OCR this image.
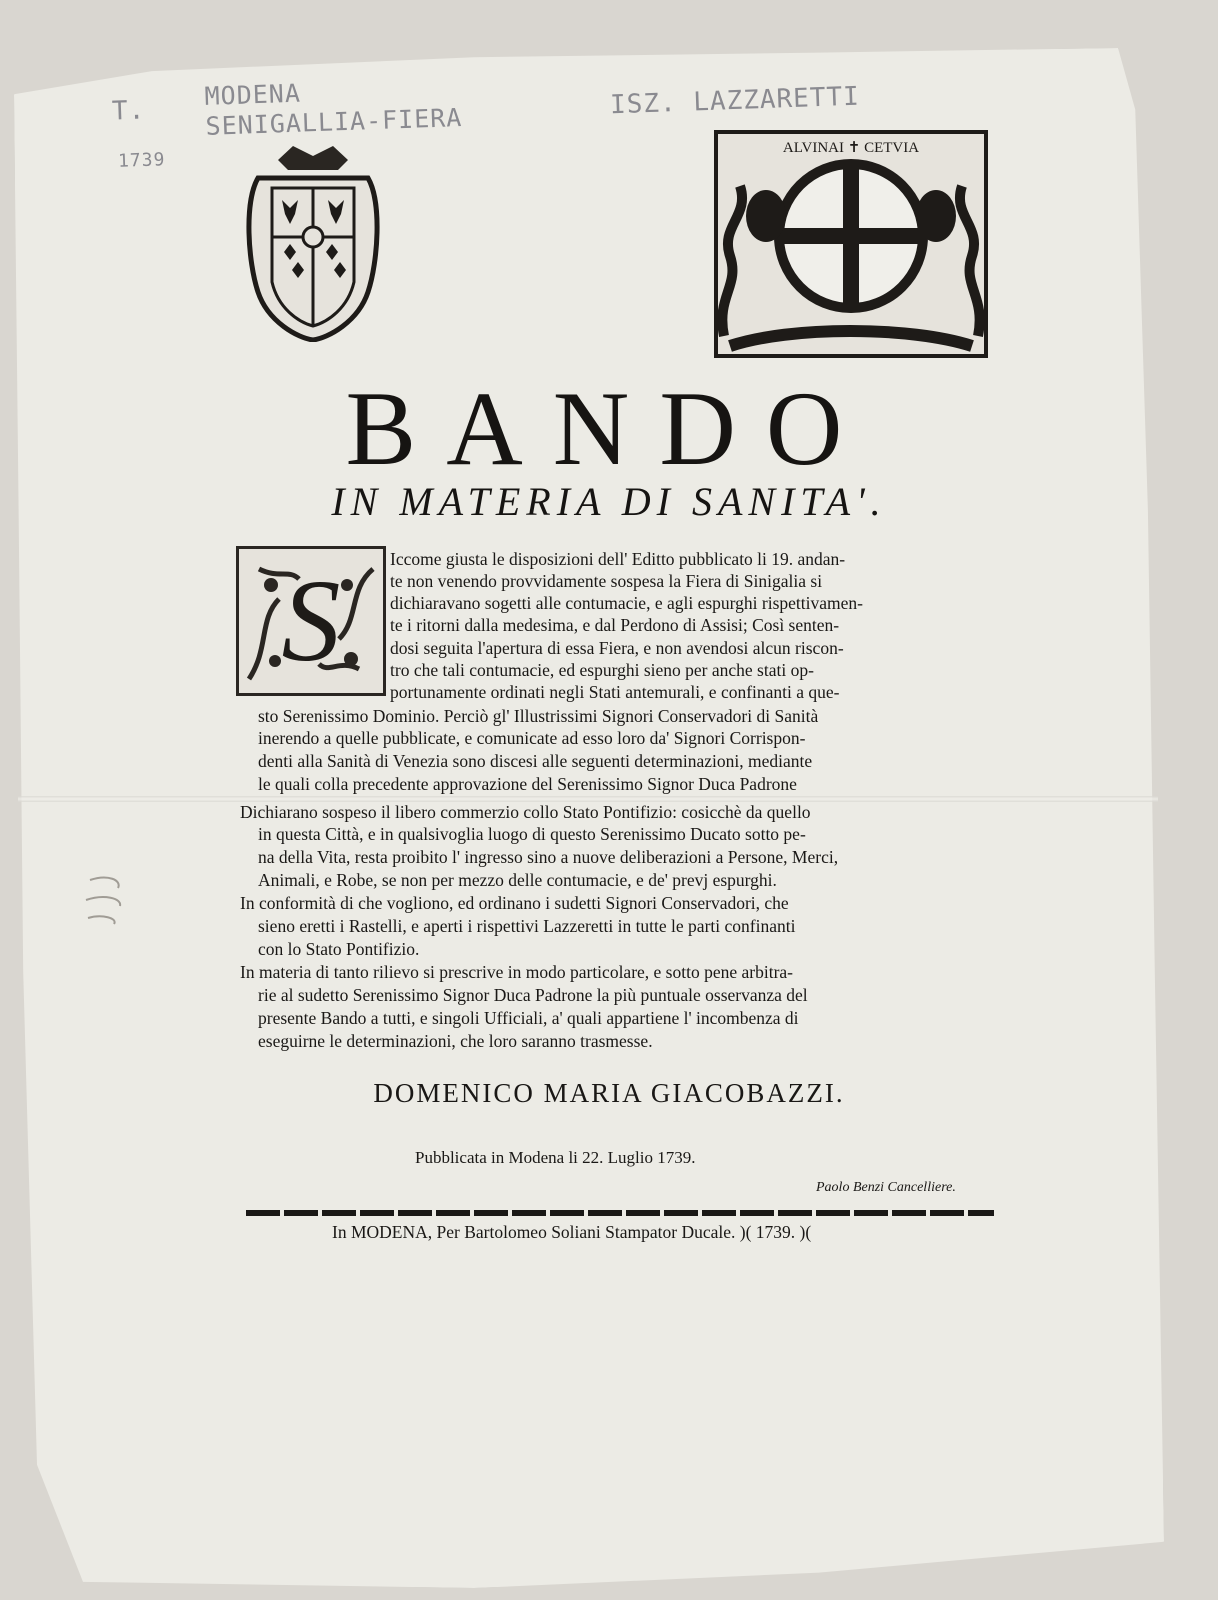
MODENA
SENIGALLIA-FIERA
ISZ. LAZZARETTI
T.
1739
ALVINAI ✝ CETVIA
BANDO
IN MATERIA DI SANITA'.
S	Iccome giusta le disposizioni dell' Editto pubblicato li 19. andan-
te non venendo provvidamente sospesa la Fiera di Sinigalia si
dichiaravano sogetti alle contumacie, e agli espurghi rispettivamen-
te i ritorni dalla medesima, e dal Perdono di Assisi; Così senten-
dosi seguita l'apertura di essa Fiera, e non avendosi alcun riscon-
tro che tali contumacie, ed espurghi sieno per anche stati op-
portunamente ordinati negli Stati antemurali, e confinanti a que-
sto Serenissimo Dominio. Perciò gl' Illustrissimi Signori Conservadori di Sanità
inerendo a quelle pubblicate, e comunicate ad esso loro da' Signori Corrispon-
denti alla Sanità di Venezia sono discesi alle seguenti determinazioni, mediante
le quali colla precedente approvazione del Serenissimo Signor Duca Padrone
Dichiarano sospeso il libero commerzio collo Stato Pontifizio: cosicchè da quello
in questa Città, e in qualsivoglia luogo di questo Serenissimo Ducato sotto pe-
na della Vita, resta proibito l' ingresso sino a nuove deliberazioni a Persone, Merci,
Animali, e Robe, se non per mezzo delle contumacie, e de' prevj espurghi.
In conformità di che vogliono, ed ordinano i sudetti Signori Conservadori, che
sieno eretti i Rastelli, e aperti i rispettivi Lazzeretti in tutte le parti confinanti
con lo Stato Pontifizio.
In materia di tanto rilievo si prescrive in modo particolare, e sotto pene arbitra-
rie al sudetto Serenissimo Signor Duca Padrone la più puntuale osservanza del
presente Bando a tutti, e singoli Ufficiali, a' quali appartiene l' incombenza di
eseguirne le determinazioni, che loro saranno trasmesse.
DOMENICO MARIA GIACOBAZZI.
Pubblicata in Modena li 22. Luglio 1739.
Paolo Benzi Cancelliere.
In MODENA, Per Bartolomeo Soliani Stampator Ducale. )( 1739. )(
